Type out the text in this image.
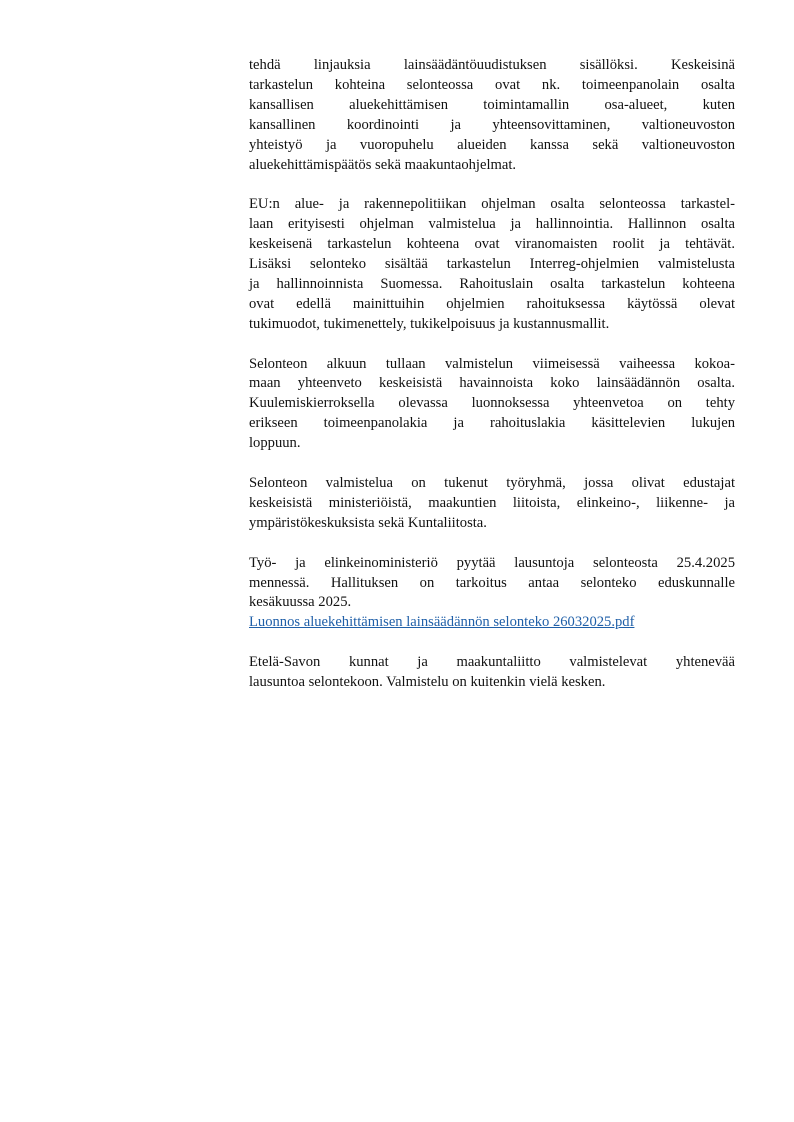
tehdä linjauksia lainsäädäntöuudistuksen sisällöksi. Keskeisinä
tarkastelun kohteina selonteossa ovat nk. toimeenpanolain osalta
kansallisen aluekehittämisen toimintamallin osa-alueet, kuten
kansallinen koordinointi ja yhteensovittaminen, valtioneuvoston
yhteistyö ja vuoropuhelu alueiden kanssa sekä valtioneuvoston
aluekehittämispäätös sekä maakuntaohjelmat.

EU:n alue- ja rakennepolitiikan ohjelman osalta selonteossa tarkastel-
laan erityisesti ohjelman valmistelua ja hallinnointia. Hallinnon osalta
keskeisenä tarkastelun kohteena ovat viranomaisten roolit ja tehtävät.
Lisäksi selonteko sisältää tarkastelun Interreg-ohjelmien valmistelusta
ja hallinnoinnista Suomessa. Rahoituslain osalta tarkastelun kohteena
ovat edellä mainittuihin ohjelmien rahoituksessa käytössä olevat
tukimuodot, tukimenettely, tukikelpoisuus ja kustannusmallit.

Selonteon alkuun tullaan valmistelun viimeisessä vaiheessa kokoa-
maan yhteenveto keskeisistä havainnoista koko lainsäädännön osalta.
Kuulemiskierroksella olevassa luonnoksessa yhteenvetoa on tehty
erikseen toimeenpanolakia ja rahoituslakia käsittelevien lukujen
loppuun.

Selonteon valmistelua on tukenut työryhmä, jossa olivat edustajat
keskeisistä ministeriöistä, maakuntien liitoista, elinkeino-, liikenne- ja
ympäristökeskuksista sekä Kuntaliitosta.

Työ- ja elinkeinoministeriö pyytää lausuntoja selonteosta 25.4.2025
mennessä. Hallituksen on tarkoitus antaa selonteko eduskunnalle
kesäkuussa 2025.
Luonnos aluekehittämisen lainsäädännön selonteko 26032025.pdf

Etelä-Savon kunnat ja maakuntaliitto valmistelevat yhtenevää
lausuntoa selontekoon. Valmistelu on kuitenkin vielä kesken.
